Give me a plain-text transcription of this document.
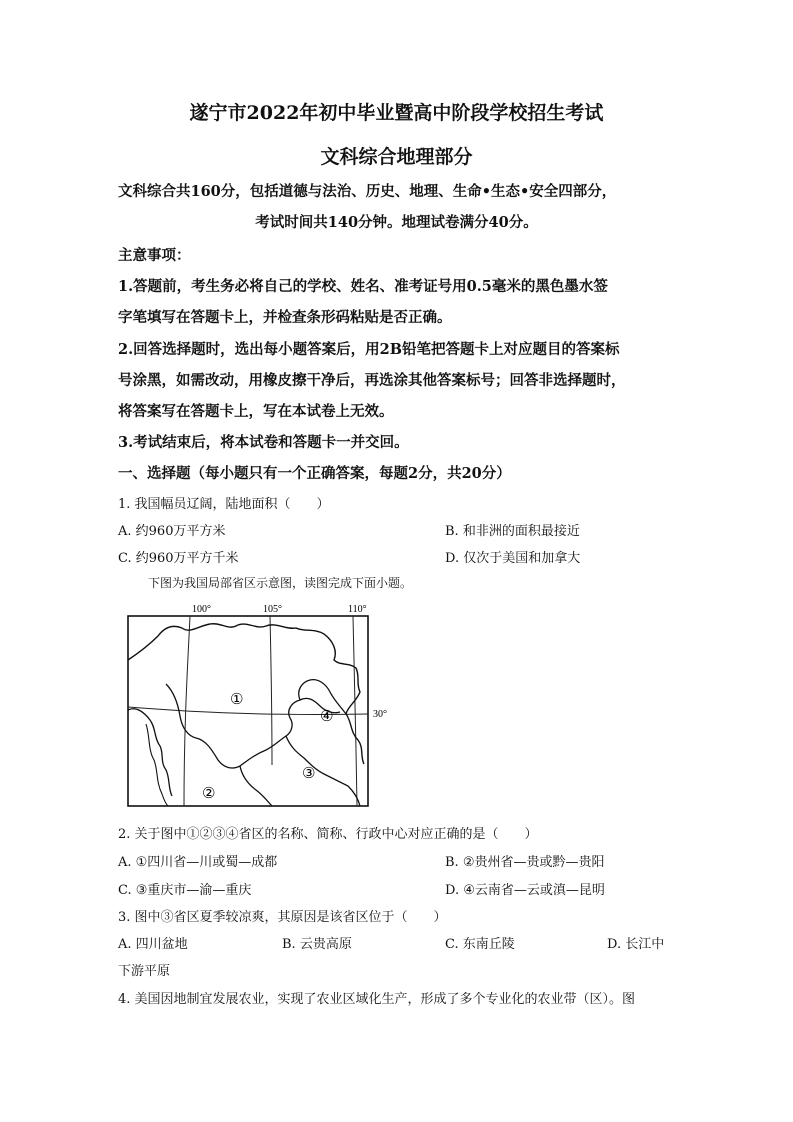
遂宁市2022年初中毕业暨高中阶段学校招生考试
文科综合地理部分
文科综合共160分，包括道德与法治、历史、地理、生命•生态•安全四部分，
考试时间共140分钟。地理试卷满分40分。
主意事项：
1.答题前，考生务必将自己的学校、姓名、准考证号用0.5毫米的黑色墨水签
字笔填写在答题卡上，并检查条形码粘贴是否正确。
2.回答选择题时，选出每小题答案后，用2B铅笔把答题卡上对应题目的答案标
号涂黑，如需改动，用橡皮擦干净后，再选涂其他答案标号；回答非选择题时，
将答案写在答题卡上，写在本试卷上无效。
3.考试结束后，将本试卷和答题卡一并交回。
一、选择题（每小题只有一个正确答案，每题2分，共20分）
1. 我国幅员辽阔，陆地面积（　　）
A. 约960万平方米	B. 和非洲的面积最接近
C. 约960万平方千米	D. 仅次于美国和加拿大
下图为我国局部省区示意图，读图完成下面小题。
100°	105°	110°
30°
①
②
③
④
2. 关于图中①②③④省区的名称、简称、行政中心对应正确的是（　　）
A. ①四川省—川或蜀—成都	B. ②贵州省—贵或黔—贵阳
C. ③重庆市—渝—重庆	D. ④云南省—云或滇—昆明
3. 图中③省区夏季较凉爽，其原因是该省区位于（　　）
A. 四川盆地	B. 云贵高原	C. 东南丘陵	D. 长江中
下游平原
4. 美国因地制宜发展农业，实现了农业区域化生产，形成了多个专业化的农业带（区）。图
